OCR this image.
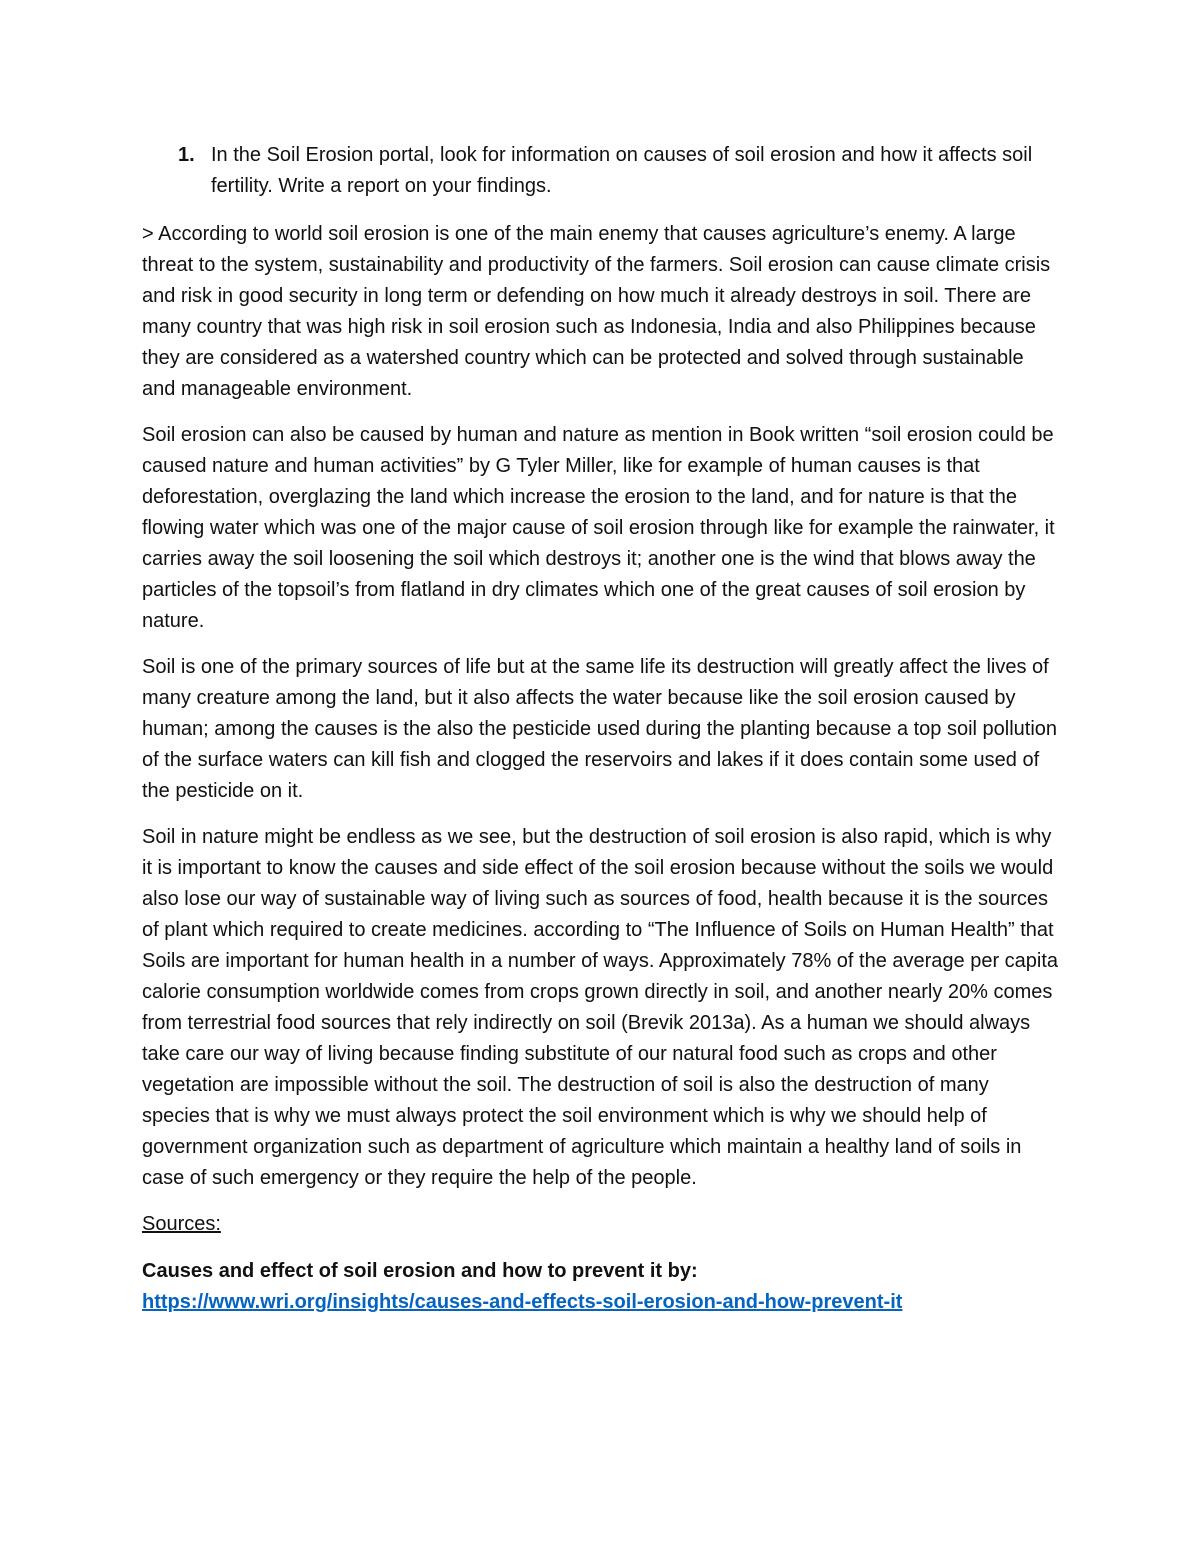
1. In the Soil Erosion portal, look for information on causes of soil erosion and how it affects soil fertility. Write a report on your findings.

> According to world soil erosion is one of the main enemy that causes agriculture’s enemy. A large threat to the system, sustainability and productivity of the farmers. Soil erosion can cause climate crisis and risk in good security in long term or defending on how much it already destroys in soil. There are many country that was high risk in soil erosion such as Indonesia, India and also Philippines because they are considered as a watershed country which can be protected and solved through sustainable and manageable environment.

Soil erosion can also be caused by human and nature as mention in Book written “soil erosion could be caused nature and human activities” by G Tyler Miller, like for example of human causes is that deforestation, overglazing the land which increase the erosion to the land, and for nature is that the flowing water which was one of the major cause of soil erosion through like for example the rainwater, it carries away the soil loosening the soil which destroys it; another one is the wind that blows away the particles of the topsoil’s from flatland in dry climates which one of the great causes of soil erosion by nature.

Soil is one of the primary sources of life but at the same life its destruction will greatly affect the lives of many creature among the land, but it also affects the water because like the soil erosion caused by human; among the causes is the also the pesticide used during the planting because a top soil pollution of the surface waters can kill fish and clogged the reservoirs and lakes if it does contain some used of the pesticide on it.

Soil in nature might be endless as we see, but the destruction of soil erosion is also rapid, which is why it is important to know the causes and side effect of the soil erosion because without the soils we would also lose our way of sustainable way of living such as sources of food, health because it is the sources of plant which required to create medicines. according to “The Influence of Soils on Human Health” that Soils are important for human health in a number of ways. Approximately 78% of the average per capita calorie consumption worldwide comes from crops grown directly in soil, and another nearly 20% comes from terrestrial food sources that rely indirectly on soil (Brevik 2013a). As a human we should always take care our way of living because finding substitute of our natural food such as crops and other vegetation are impossible without the soil. The destruction of soil is also the destruction of many species that is why we must always protect the soil environment which is why we should help of government organization such as department of agriculture which maintain a healthy land of soils in case of such emergency or they require the help of the people.

Sources:
Causes and effect of soil erosion and how to prevent it by:
https://www.wri.org/insights/causes-and-effects-soil-erosion-and-how-prevent-it
